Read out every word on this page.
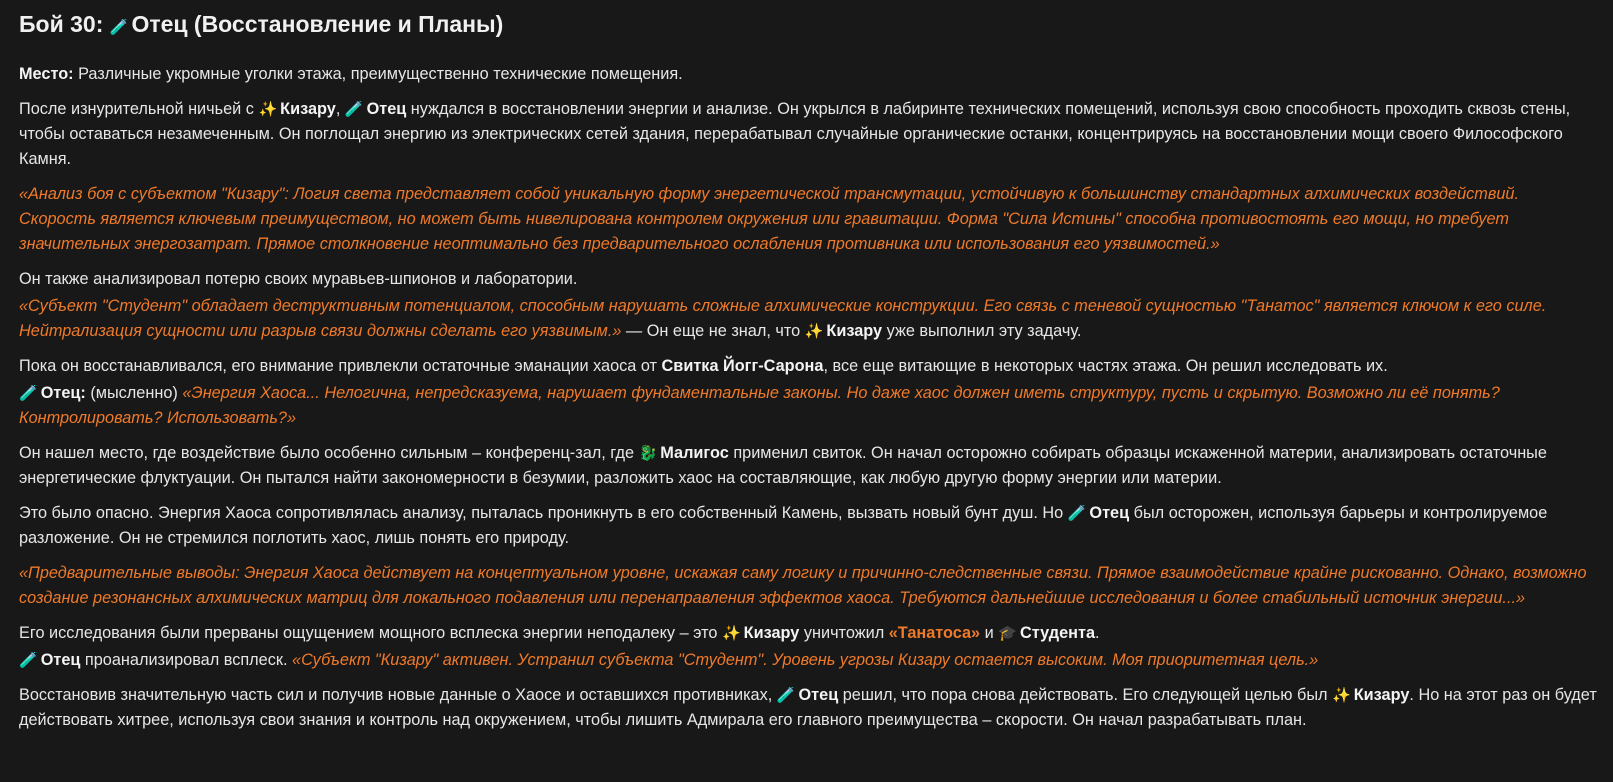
Бой 30: 🧪 Отец (Восстановление и Планы)

Место: Различные укромные уголки этажа, преимущественно технические помещения.

После изнурительной ничьей с ✨ Кизару, 🧪 Отец нуждался в восстановлении энергии и анализе. Он укрылся в лабиринте технических помещений, используя свою способность проходить сквозь стены, чтобы оставаться незамеченным. Он поглощал энергию из электрических сетей здания, перерабатывал случайные органические останки, концентрируясь на восстановлении мощи своего Философского Камня.

«Анализ боя с субъектом "Кизару": Логия света представляет собой уникальную форму энергетической трансмутации, устойчивую к большинству стандартных алхимических воздействий. Скорость является ключевым преимуществом, но может быть нивелирована контролем окружения или гравитации. Форма "Сила Истины" способна противостоять его мощи, но требует значительных энергозатрат. Прямое столкновение неоптимально без предварительного ослабления противника или использования его уязвимостей.»

Он также анализировал потерю своих муравьев-шпионов и лаборатории.

«Субъект "Студент" обладает деструктивным потенциалом, способным нарушать сложные алхимические конструкции. Его связь с теневой сущностью "Танатос" является ключом к его силе. Нейтрализация сущности или разрыв связи должны сделать его уязвимым.» — Он еще не знал, что ✨ Кизару уже выполнил эту задачу.

Пока он восстанавливался, его внимание привлекли остаточные эманации хаоса от Свитка Йогг-Сарона, все еще витающие в некоторых частях этажа. Он решил исследовать их.

🧪 Отец: (мысленно) «Энергия Хаоса... Нелогична, непредсказуема, нарушает фундаментальные законы. Но даже хаос должен иметь структуру, пусть и скрытую. Возможно ли её понять? Контролировать? Использовать?»

Он нашел место, где воздействие было особенно сильным – конференц-зал, где 🐉 Малигос применил свиток. Он начал осторожно собирать образцы искаженной материи, анализировать остаточные энергетические флуктуации. Он пытался найти закономерности в безумии, разложить хаос на составляющие, как любую другую форму энергии или материи.

Это было опасно. Энергия Хаоса сопротивлялась анализу, пыталась проникнуть в его собственный Камень, вызвать новый бунт душ. Но 🧪 Отец был осторожен, используя барьеры и контролируемое разложение. Он не стремился поглотить хаос, лишь понять его природу.

«Предварительные выводы: Энергия Хаоса действует на концептуальном уровне, искажая саму логику и причинно-следственные связи. Прямое взаимодействие крайне рискованно. Однако, возможно создание резонансных алхимических матриц для локального подавления или перенаправления эффектов хаоса. Требуются дальнейшие исследования и более стабильный источник энергии...»

Его исследования были прерваны ощущением мощного всплеска энергии неподалеку – это ✨ Кизару уничтожил «Танатоса» и 🎓 Студента.

🧪 Отец проанализировал всплеск. «Субъект "Кизару" активен. Устранил субъекта "Студент". Уровень угрозы Кизару остается высоким. Моя приоритетная цель.»

Восстановив значительную часть сил и получив новые данные о Хаосе и оставшихся противниках, 🧪 Отец решил, что пора снова действовать. Его следующей целью был ✨ Кизару. Но на этот раз он будет действовать хитрее, используя свои знания и контроль над окружением, чтобы лишить Адмирала его главного преимущества – скорости. Он начал разрабатывать план.
